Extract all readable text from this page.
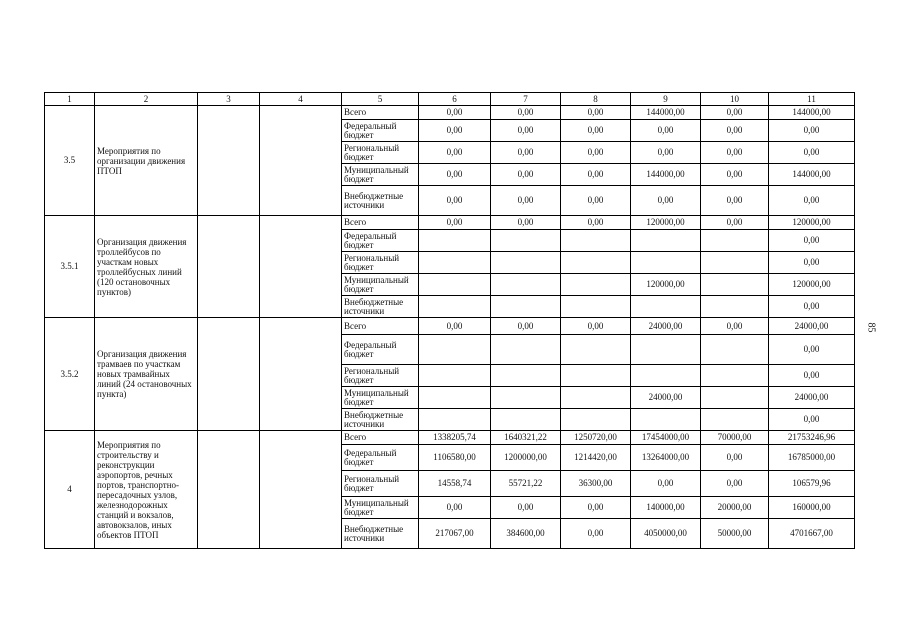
1	2	3	4	5	6	7	8	9	10	11
3.5	Мероприятия по организации движения ПТОП			Всего	0,00	0,00	0,00	144000,00	0,00	144000,00
				Федеральный бюджет	0,00	0,00	0,00	0,00	0,00	0,00
				Региональный бюджет	0,00	0,00	0,00	0,00	0,00	0,00
				Муниципальный бюджет	0,00	0,00	0,00	144000,00	0,00	144000,00
				Внебюджетные источники	0,00	0,00	0,00	0,00	0,00	0,00
3.5.1	Организация движения троллейбусов по участкам новых троллейбусных линий (120 остановочных пунктов)			Всего	0,00	0,00	0,00	120000,00	0,00	120000,00
				Федеральный бюджет						0,00
				Региональный бюджет						0,00
				Муниципальный бюджет				120000,00		120000,00
				Внебюджетные источники						0,00
3.5.2	Организация движения трамваев по участкам новых трамвайных линий (24 остановочных пункта)			Всего	0,00	0,00	0,00	24000,00	0,00	24000,00
				Федеральный бюджет						0,00
				Региональный бюджет						0,00
				Муниципальный бюджет				24000,00		24000,00
				Внебюджетные источники						0,00
4	Мероприятия по строительству и реконструкции аэропортов, речных портов, транспортно-пересадочных узлов, железнодорожных станций и вокзалов, автовокзалов, иных объектов ПТОП			Всего	1338205,74	1640321,22	1250720,00	17454000,00	70000,00	21753246,96
				Федеральный бюджет	1106580,00	1200000,00	1214420,00	13264000,00	0,00	16785000,00
				Региональный бюджет	14558,74	55721,22	36300,00	0,00	0,00	106579,96
				Муниципальный бюджет	0,00	0,00	0,00	140000,00	20000,00	160000,00
				Внебюджетные источники	217067,00	384600,00	0,00	4050000,00	50000,00	4701667,00
85
